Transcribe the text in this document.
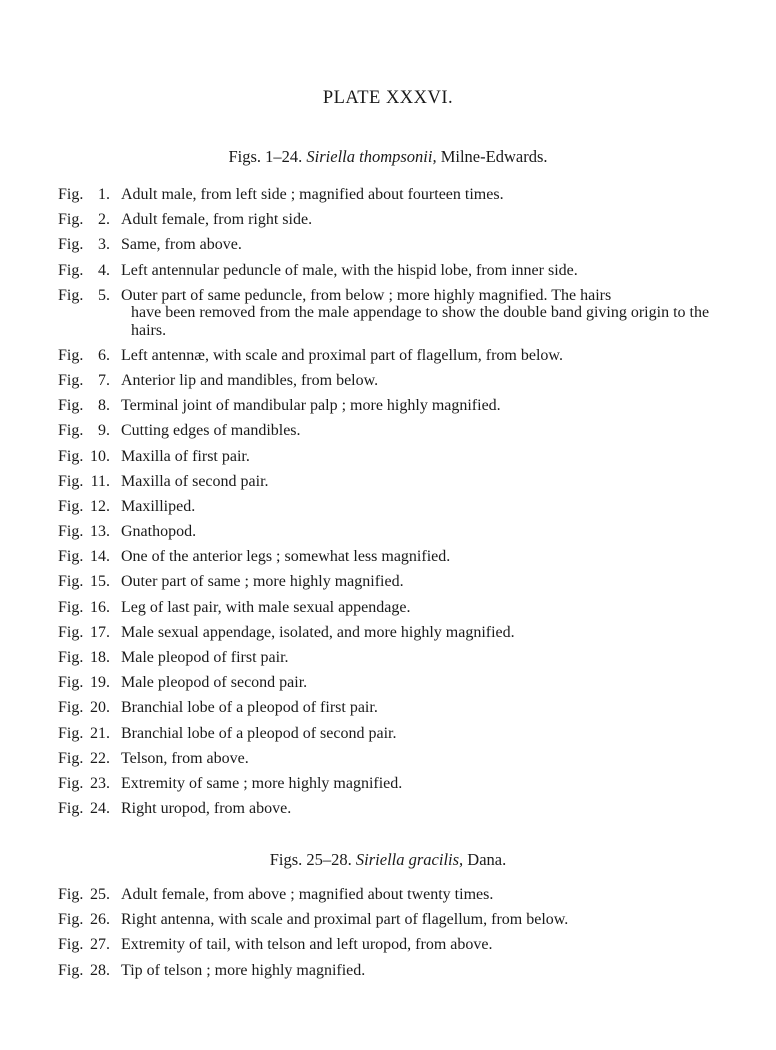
PLATE XXXVI.
Figs. 1–24. Siriella thompsonii, Milne-Edwards.
Fig. 1. Adult male, from left side ; magnified about fourteen times.
Fig. 2. Adult female, from right side.
Fig. 3. Same, from above.
Fig. 4. Left antennular peduncle of male, with the hispid lobe, from inner side.
Fig. 5. Outer part of same peduncle, from below ; more highly magnified. The hairs
have been removed from the male appendage to show the double band giving origin to the hairs.
Fig. 6. Left antennæ, with scale and proximal part of flagellum, from below.
Fig. 7. Anterior lip and mandibles, from below.
Fig. 8. Terminal joint of mandibular palp ; more highly magnified.
Fig. 9. Cutting edges of mandibles.
Fig. 10. Maxilla of first pair.
Fig. 11. Maxilla of second pair.
Fig. 12. Maxilliped.
Fig. 13. Gnathopod.
Fig. 14. One of the anterior legs ; somewhat less magnified.
Fig. 15. Outer part of same ; more highly magnified.
Fig. 16. Leg of last pair, with male sexual appendage.
Fig. 17. Male sexual appendage, isolated, and more highly magnified.
Fig. 18. Male pleopod of first pair.
Fig. 19. Male pleopod of second pair.
Fig. 20. Branchial lobe of a pleopod of first pair.
Fig. 21. Branchial lobe of a pleopod of second pair.
Fig. 22. Telson, from above.
Fig. 23. Extremity of same ; more highly magnified.
Fig. 24. Right uropod, from above.
Figs. 25–28. Siriella gracilis, Dana.
Fig. 25. Adult female, from above ; magnified about twenty times.
Fig. 26. Right antenna, with scale and proximal part of flagellum, from below.
Fig. 27. Extremity of tail, with telson and left uropod, from above.
Fig. 28. Tip of telson ; more highly magnified.
